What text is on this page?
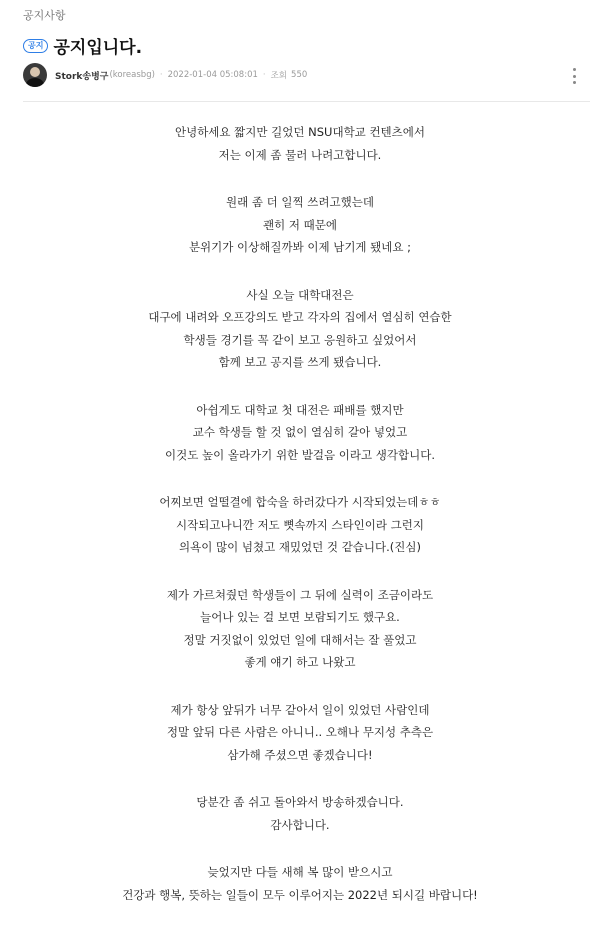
공지사항
공지 공지입니다.
Stork송병구 (koreasbg) · 2022-01-04 05:08:01 · 조회 550
안녕하세요 짧지만 길었던 NSU대학교 컨텐츠에서
저는 이제 좀 물러 나려고합니다.
원래 좀 더 일찍 쓰려고했는데
괜히 저 때문에
분위기가 이상해질까봐 이제 남기게 됐네요 ;
사실 오늘 대학대전은
대구에 내려와 오프강의도 받고 각자의 집에서 열심히 연습한
학생들 경기를 꼭 같이 보고 응원하고 싶었어서
함께 보고 공지를 쓰게 됐습니다.
아쉽게도 대학교 첫 대전은 패배를 했지만
교수 학생들 할 것 없이 열심히 갈아 넣었고
이것도 높이 올라가기 위한 발걸음 이라고 생각합니다.
어찌보면 얼떨결에 합숙을 하러갔다가 시작되었는데ㅎㅎ
시작되고나니깐 저도 뼛속까지 스타인이라 그런지
의욕이 많이 넘쳤고 재밌었던 것 같습니다.(진심)
제가 가르쳐줬던 학생들이 그 뒤에 실력이 조금이라도
늘어나 있는 걸 보면 보람되기도 했구요.
정말 거짓없이 있었던 일에 대해서는 잘 풀었고
좋게 얘기 하고 나왔고
제가 항상 앞뒤가 너무 같아서 일이 있었던 사람인데
정말 앞뒤 다른 사람은 아니니.. 오해나 무지성 추측은
삼가해 주셨으면 좋겠습니다!
당분간 좀 쉬고 돌아와서 방송하겠습니다.
감사합니다.
늦었지만 다들 새해 복 많이 받으시고
건강과 행복, 뜻하는 일들이 모두 이루어지는 2022년 되시길 바랍니다!
